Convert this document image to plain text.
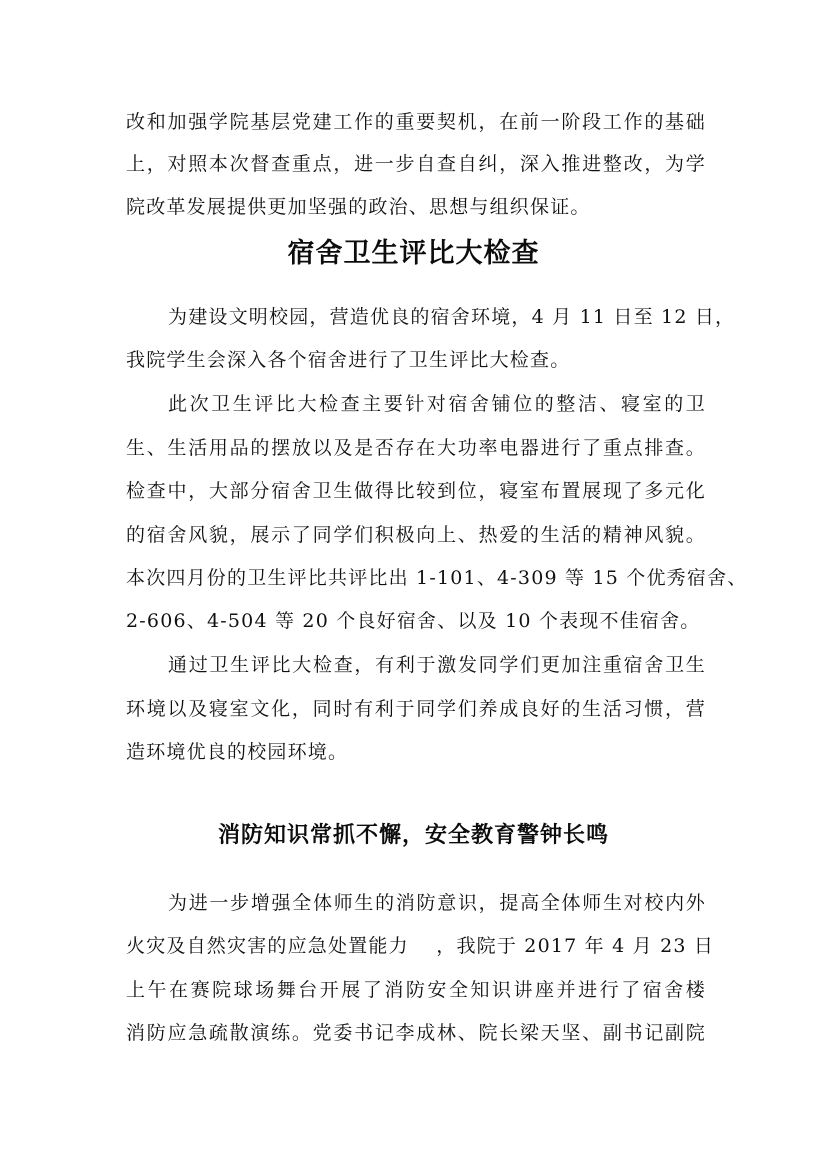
改和加强学院基层党建工作的重要契机，在前一阶段工作的基础
上，对照本次督查重点，进一步自查自纠，深入推进整改，为学
院改革发展提供更加坚强的政治、思想与组织保证。
宿舍卫生评比大检查
为建设文明校园，营造优良的宿舍环境，4 月 11 日至 12 日，
我院学生会深入各个宿舍进行了卫生评比大检查。
此次卫生评比大检查主要针对宿舍铺位的整洁、寝室的卫
生、生活用品的摆放以及是否存在大功率电器进行了重点排查。
检查中，大部分宿舍卫生做得比较到位，寝室布置展现了多元化
的宿舍风貌，展示了同学们积极向上、热爱的生活的精神风貌。
本次四月份的卫生评比共评比出 1-101、4-309 等 15 个优秀宿舍、
2-606、4-504 等 20 个良好宿舍、以及 10 个表现不佳宿舍。
通过卫生评比大检查，有利于激发同学们更加注重宿舍卫生
环境以及寝室文化，同时有利于同学们养成良好的生活习惯，营
造环境优良的校园环境。
消防知识常抓不懈，安全教育警钟长鸣
为进一步增强全体师生的消防意识，提高全体师生对校内外
火灾及自然灾害的应急处置能力　 ，我院于 2017 年 4 月 23 日
上午在赛院球场舞台开展了消防安全知识讲座并进行了宿舍楼
消防应急疏散演练。党委书记李成林、院长梁天坚、副书记副院
